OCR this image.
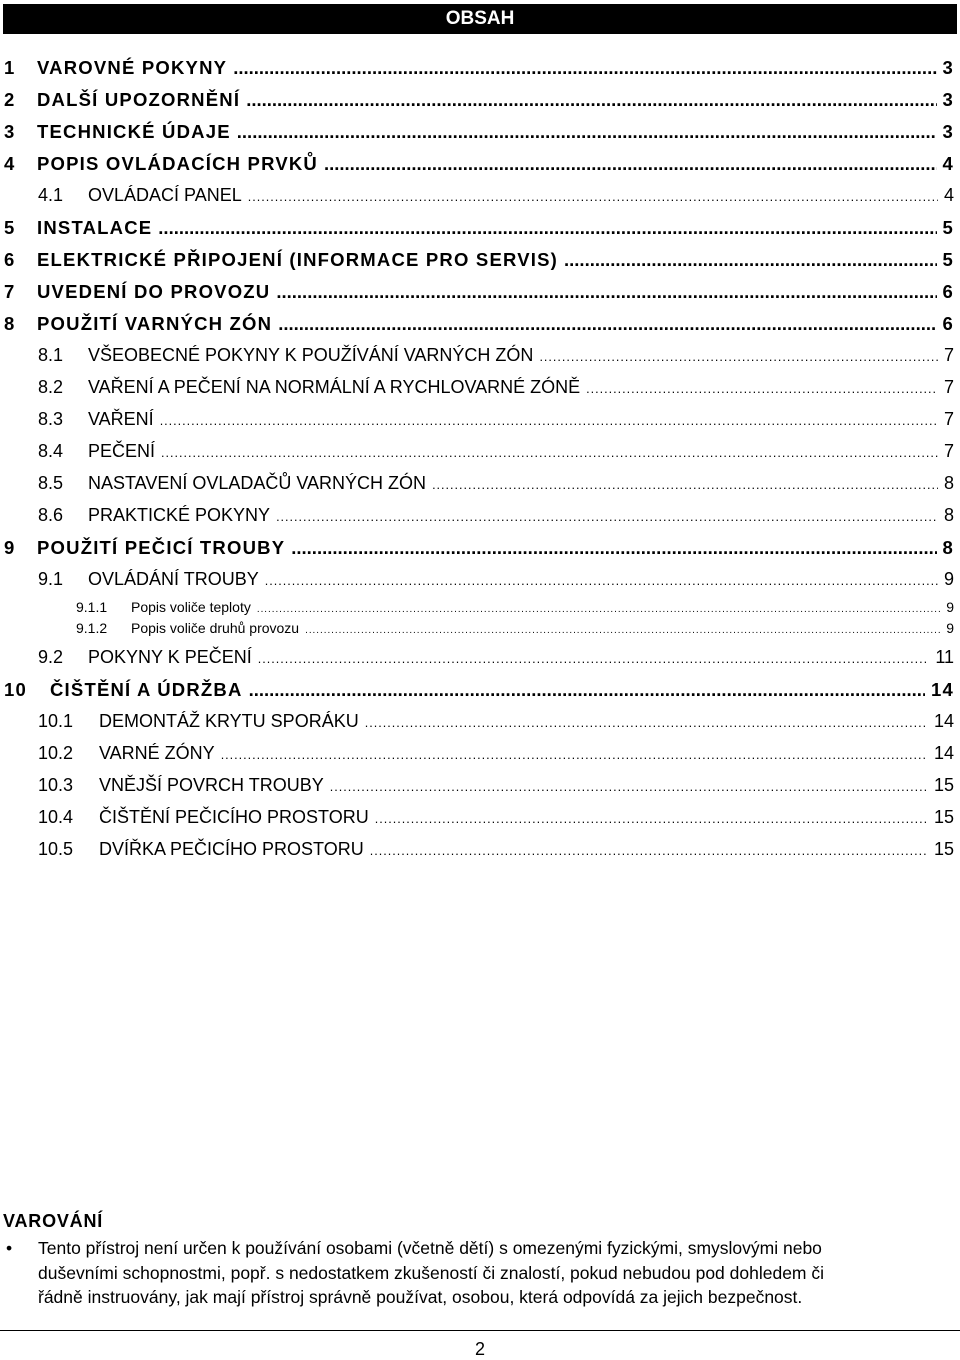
OBSAH
1	VAROVNÉ POKYNY .....	3
2	DALŠÍ UPOZORNĚNÍ .....	3
3	TECHNICKÉ ÚDAJE .....	3
4	POPIS OVLÁDACÍCH PRVKŮ .....	4
4.1	OVLÁDACÍ PANEL .....	4
5	INSTALACE .....	5
6	ELEKTRICKÉ PŘIPOJENÍ (INFORMACE PRO SERVIS) .....	5
7	UVEDENÍ DO PROVOZU .....	6
8	POUŽITÍ VARNÝCH ZÓN .....	6
8.1	VŠEOBECNÉ POKYNY K POUŽÍVÁNÍ VARNÝCH ZÓN .....	7
8.2	VAŘENÍ A PEČENÍ NA NORMÁLNÍ A RYCHLOVARNÉ ZÓNĚ .....	7
8.3	VAŘENÍ .....	7
8.4	PEČENÍ .....	7
8.5	NASTAVENÍ OVLADAČŮ VARNÝCH ZÓN .....	8
8.6	PRAKTICKÉ POKYNY .....	8
9	POUŽITÍ PEČICÍ TROUBY .....	8
9.1	OVLÁDÁNÍ TROUBY .....	9
9.1.1	Popis voliče teploty .....	9
9.1.2	Popis voliče druhů provozu .....	9
9.2	POKYNY K PEČENÍ .....	11
10	ČIŠTĚNÍ A ÚDRŽBA .....	14
10.1	DEMONTÁŽ KRYTU SPORÁKU .....	14
10.2	VARNÉ ZÓNY .....	14
10.3	VNĚJŠÍ POVRCH TROUBY .....	15
10.4	ČIŠTĚNÍ PEČICÍHO PROSTORU .....	15
10.5	DVÍŘKA PEČICÍHO PROSTORU .....	15
VAROVÁNÍ
• Tento přístroj není určen k používání osobami (včetně dětí) s omezenými fyzickými, smyslovými nebo
duševními schopnostmi, popř. s nedostatkem zkušeností či znalostí, pokud nebudou pod dohledem či
řádně instruovány, jak mají přístroj správně používat, osobou, která odpovídá za jejich bezpečnost.
2
